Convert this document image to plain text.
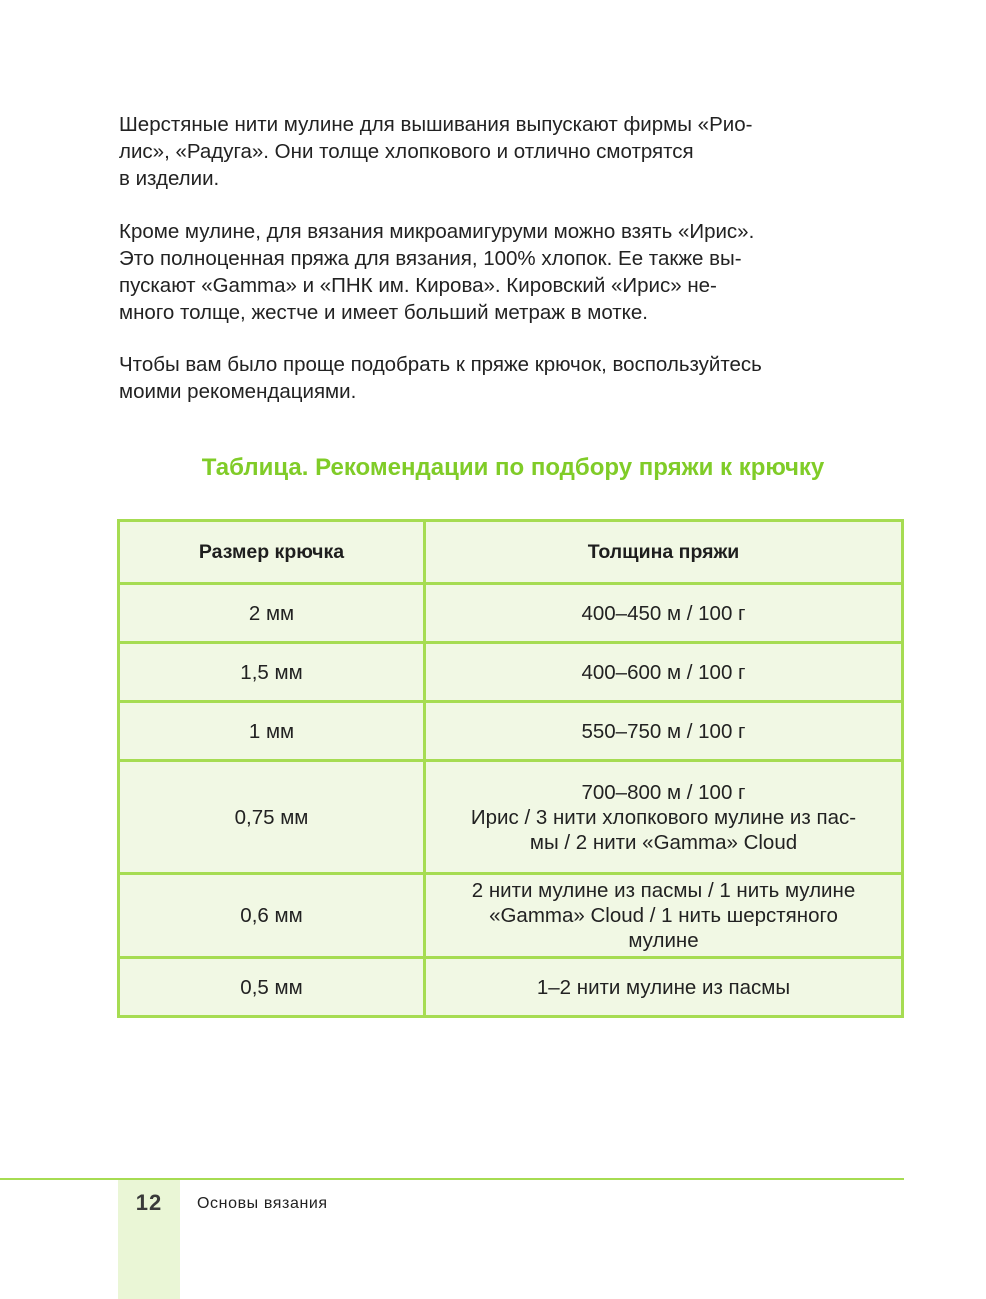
Шерстяные нити мулине для вышивания выпускают фирмы «Рио-
лис», «Радуга». Они толще хлопкового и отлично смотрятся
в изделии.

Кроме мулине, для вязания микроамигуруми можно взять «Ирис».
Это полноценная пряжа для вязания, 100% хлопок. Ее также вы-
пускают «Gamma» и «ПНК им. Кирова». Кировский «Ирис» не-
много толще, жестче и имеет больший метраж в мотке.

Чтобы вам было проще подобрать к пряже крючок, воспользуйтесь
моими рекомендациями.

Таблица. Рекомендации по подбору пряжи к крючку
Размер крючка	Толщина пряжи
2 мм	400–450 м / 100 г

1,5 мм	400–600 м / 100 г

1 мм	550–750 м / 100 г

0,75 мм	700–800 м / 100 г
Ирис / 3 нити хлопкового мулине из пас-
мы / 2 нити «Gamma» Cloud

0,6 мм	2 нити мулине из пасмы / 1 нить мулине
«Gamma» Cloud / 1 нить шерстяного
мулине

0,5 мм	1–2 нити мулине из пасмы
12	Основы вязания
